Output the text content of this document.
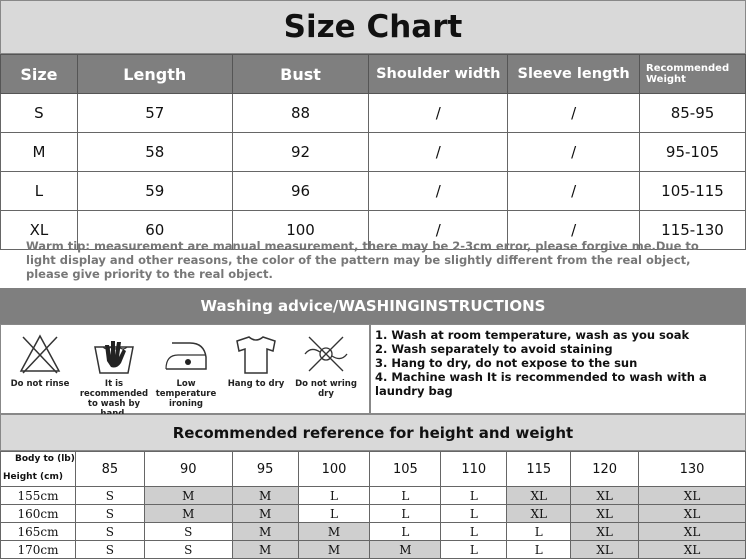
Size Chart
Size	Length	Bust	Shoulder width	Sleeve length	Recommended Weight
S	57	88	/	/	85-95
M	58	92	/	/	95-105
L	59	96	/	/	105-115
XL	60	100	/	/	115-130
Warm tip: measurement are manual measurement, there may be 2-3cm error, please forgive me.Due to light display and other reasons, the color of the pattern may be slightly different from the real object, please give priority to the real object.
Washing advice/WASHINGINSTRUCTIONS
Do not rinse	It is recommended to wash by
Low temperature ironing
Hang to dry	Do not wring dry
1. Wash at room temperature, wash as you soak
2. Wash separately to avoid staining
3. Hang to dry, do not expose to the sun
4. Machine wash It is recommended to wash with a laundry bag
Recommended reference for height and weight
Body to (lb)
Height (cm)	85	90	95	100	105	110	115	120	130
155cm	S	M	M	L	L	L	XL	XL	XL
160cm	S	M	M	L	L	L	XL	XL	XL
165cm	S	S	M	M	L	L	L	XL	XL
170cm	S	S	M	M	M	L	L	XL	XL
